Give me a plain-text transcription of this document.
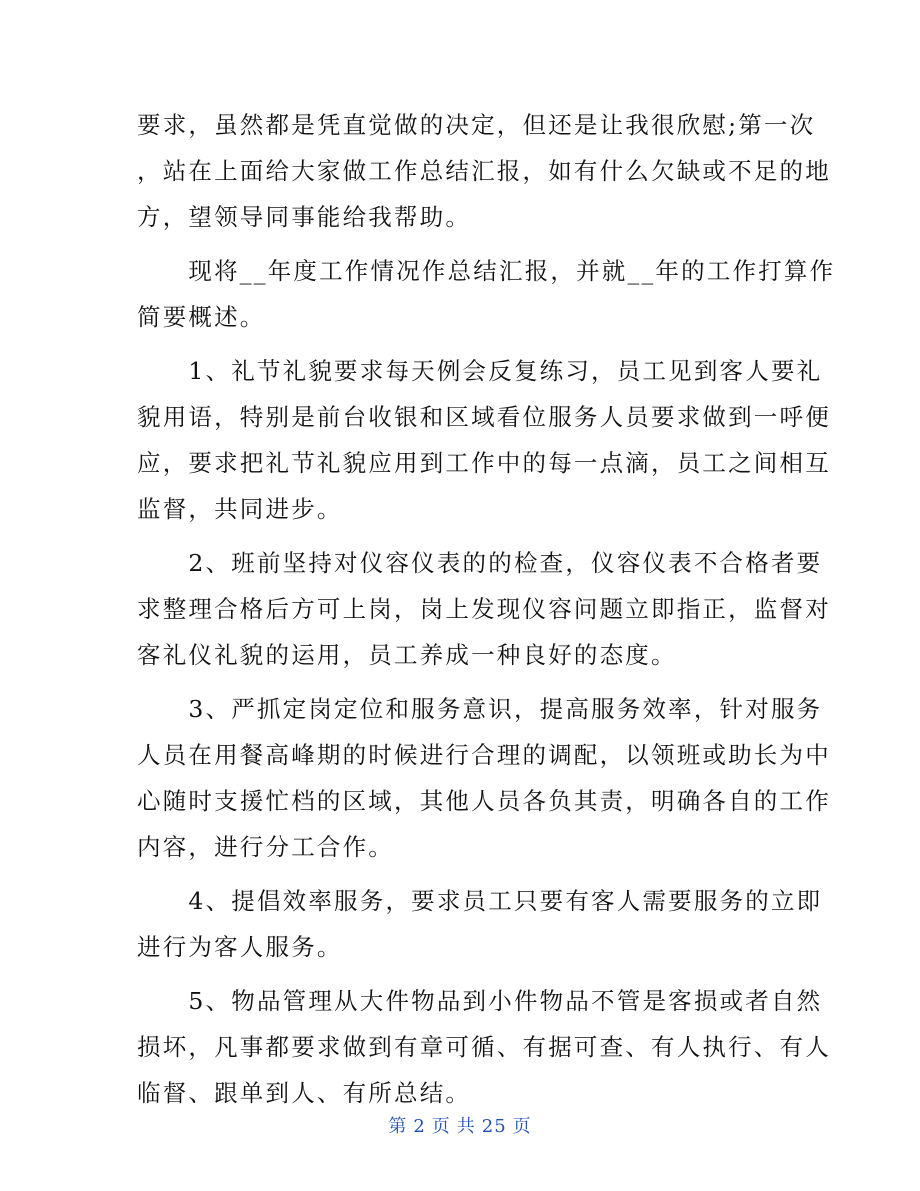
要求，虽然都是凭直觉做的决定，但还是让我很欣慰;第一次
，站在上面给大家做工作总结汇报，如有什么欠缺或不足的地
方，望领导同事能给我帮助。
　　现将__年度工作情况作总结汇报，并就__年的工作打算作
简要概述。
　　1、礼节礼貌要求每天例会反复练习，员工见到客人要礼
貌用语，特别是前台收银和区域看位服务人员要求做到一呼便
应，要求把礼节礼貌应用到工作中的每一点滴，员工之间相互
监督，共同进步。
　　2、班前坚持对仪容仪表的的检查，仪容仪表不合格者要
求整理合格后方可上岗，岗上发现仪容问题立即指正，监督对
客礼仪礼貌的运用，员工养成一种良好的态度。
　　3、严抓定岗定位和服务意识，提高服务效率，针对服务
人员在用餐高峰期的时候进行合理的调配，以领班或助长为中
心随时支援忙档的区域，其他人员各负其责，明确各自的工作
内容，进行分工合作。
　　4、提倡效率服务，要求员工只要有客人需要服务的立即
进行为客人服务。
　　5、物品管理从大件物品到小件物品不管是客损或者自然
损坏，凡事都要求做到有章可循、有据可查、有人执行、有人
临督、跟单到人、有所总结。
第 2 页 共 25 页
